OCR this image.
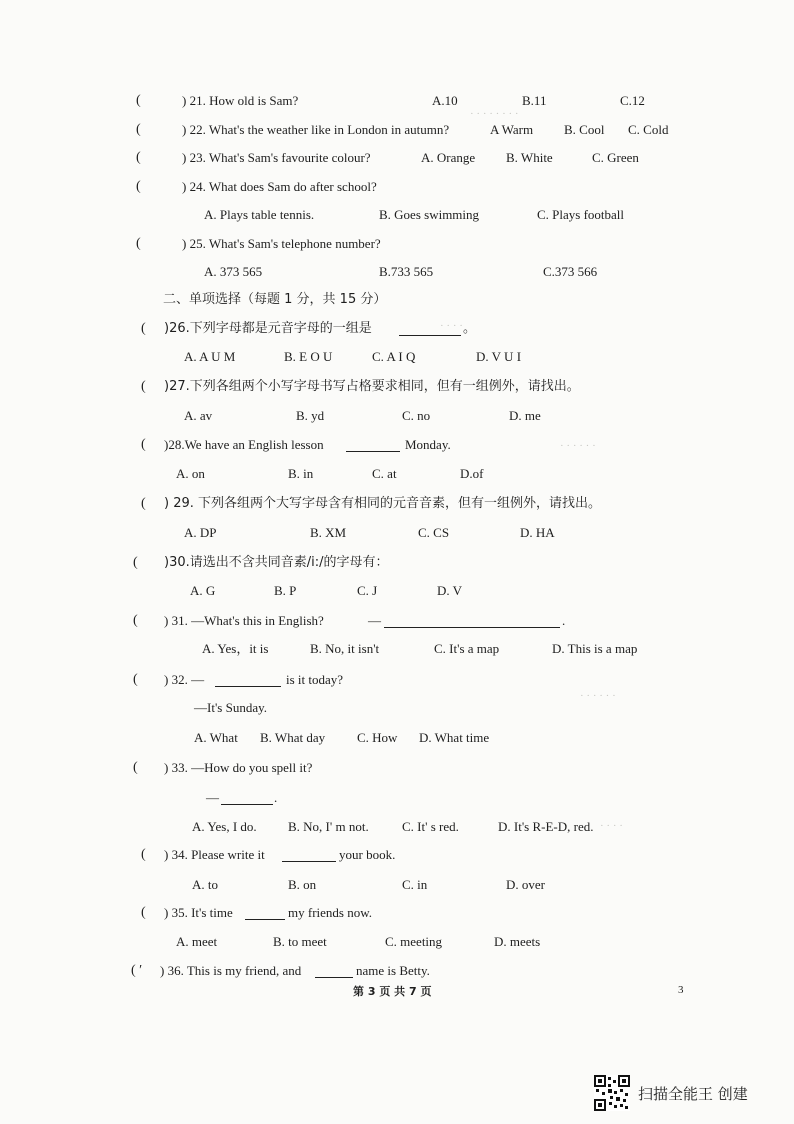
· · · · · · · ·
· · · ·
· · · · · ·
· · · · · ·
· · · ·
(	) 21. How old is Sam?	A.10	B.11	C.12
(	) 22. What's the weather like in London in autumn?	A Warm B. Cool C. Cold
(	) 23. What's Sam's favourite colour?	A. Orange B. White	C. Green
(	) 24. What does Sam do after school?
A. Plays table tennis.	B. Goes swimming	C. Plays football
(	) 25. What's Sam's telephone number?
A. 373 565	B.733 565	C.373 566
二、单项选择（每题 1 分，共 15 分）
( )26.下列字母都是元音字母的一组是	。
A. A U M	B. E O U	C. A I Q	D. V U I
( )27.下列各组两个小写字母书写占格要求相同，但有一组例外，请找出。
A. av	B. yd	C. no	D. me
( )28.We have an English lesson	Monday.
A. on	B. in	C. at	D.of
( ) 29. 下列各组两个大写字母含有相同的元音音素，但有一组例外，请找出。
A. DP	B. XM	C. CS	D. HA
( )30.请选出不含共同音素/i:/的字母有：
A. G	B. P	C. J	D. V
( ) 31. —What's this in English?	—	.
A. Yes，it is	B. No, it isn't	C. It's a map	D. This is a map
( ) 32. —	is it today?
—It's Sunday.
A. What B. What day C. How D. What time
( ) 33. —How do you spell it?
—	.
A. Yes, I do. B. No, I' m not.	C. It' s red.	D. It's R-E-D, red.
( ) 34. Please write it	your book.
A. to	B. on	C. in	D. over
( ) 35. It's time	my friends now.
A. meet	B. to meet	C. meeting	D. meets
( ′ ) 36. This is my friend, and	name is Betty.
第 3 页 共 7 页	3
扫描全能王 创建
